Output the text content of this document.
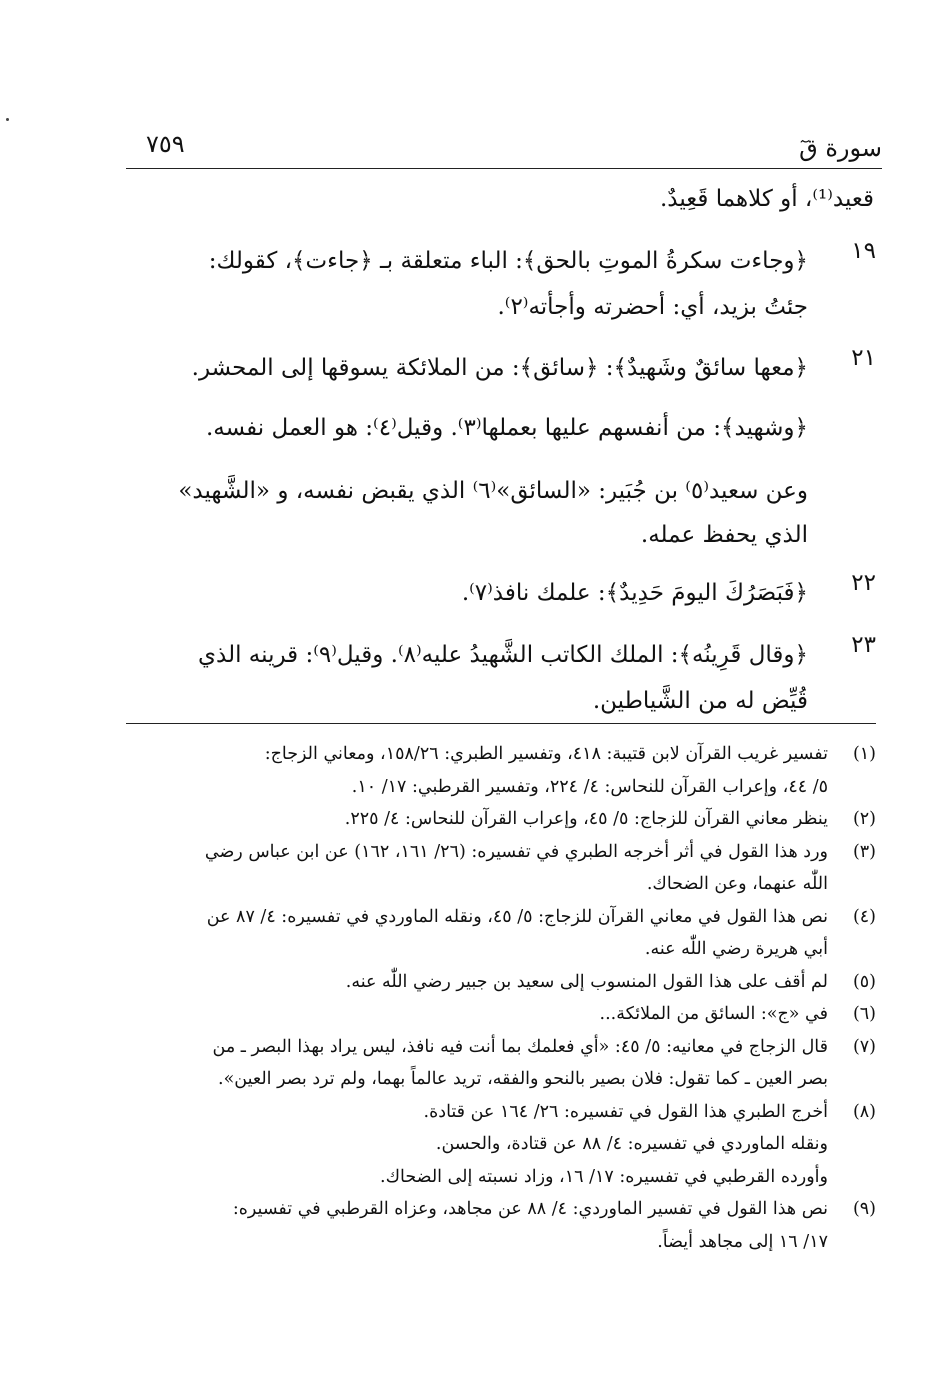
سورة قٓ
٧٥٩
قعيد⁽¹⁾، أو كلاهما قَعِيدٌ.
١٩
﴿وجاءت سكرةُ الموتِ بالحق﴾: الباء متعلقة بـ ﴿جاءت﴾، كقولك:
جئتُ بزيد، أي: أحضرته وأجأته⁽٢⁾.
٢١
﴿معها سائقٌ وشَهيدٌ﴾: ﴿سائق﴾: من الملائكة يسوقها إلى المحشر.
﴿وشهيد﴾: من أنفسهم عليها بعملها⁽٣⁾. وقيل⁽٤⁾: هو العمل نفسه.
وعن سعيد⁽٥⁾ بن جُبَير: «السائق»⁽٦⁾ الذي يقبض نفسه، و «الشَّهيد»
الذي يحفظ عمله.
٢٢
﴿فَبَصَرُكَ اليومَ حَدِيدٌ﴾: علمك نافذ⁽٧⁾.
٢٣
﴿وقال قَرِينُه﴾: الملك الكاتب الشَّهيدُ عليه⁽٨⁾. وقيل⁽٩⁾: قرينه الذي
قُيِّض له من الشَّياطين.
(١)
تفسير غريب القرآن لابن قتيبة: ٤١٨، وتفسير الطبري: ١٥٨/٢٦، ومعاني الزجاج:
٥/ ٤٤، وإعراب القرآن للنحاس: ٤/ ٢٢٤، وتفسير القرطبي: ١٧/ ١٠.
(٢)
ينظر معاني القرآن للزجاج: ٥/ ٤٥، وإعراب القرآن للنحاس: ٤/ ٢٢٥.
(٣)
ورد هذا القول في أثر أخرجه الطبري في تفسيره: (٢٦/ ١٦١، ١٦٢) عن ابن عباس رضي
اللّٰه عنهما، وعن الضحاك.
(٤)
نص هذا القول في معاني القرآن للزجاج: ٥/ ٤٥، ونقله الماوردي في تفسيره: ٤/ ٨٧ عن
أبي هريرة رضي اللّٰه عنه.
(٥)
لم أقف على هذا القول المنسوب إلى سعيد بن جبير رضي اللّٰه عنه.
(٦)
في «ج»: السائق من الملائكة...
(٧)
قال الزجاج في معانيه: ٥/ ٤٥: «أي فعلمك بما أنت فيه نافذ، ليس يراد بهذا البصر ـ من
بصر العين ـ كما تقول: فلان بصير بالنحو والفقه، تريد عالماً بهما، ولم ترد بصر العين».
(٨)
أخرج الطبري هذا القول في تفسيره: ٢٦/ ١٦٤ عن قتادة.
ونقله الماوردي في تفسيره: ٤/ ٨٨ عن قتادة، والحسن.
وأورده القرطبي في تفسيره: ١٧/ ١٦، وزاد نسبته إلى الضحاك.
(٩)
نص هذا القول في تفسير الماوردي: ٤/ ٨٨ عن مجاهد، وعزاه القرطبي في تفسيره:
١٧/ ١٦ إلى مجاهد أيضاً.
